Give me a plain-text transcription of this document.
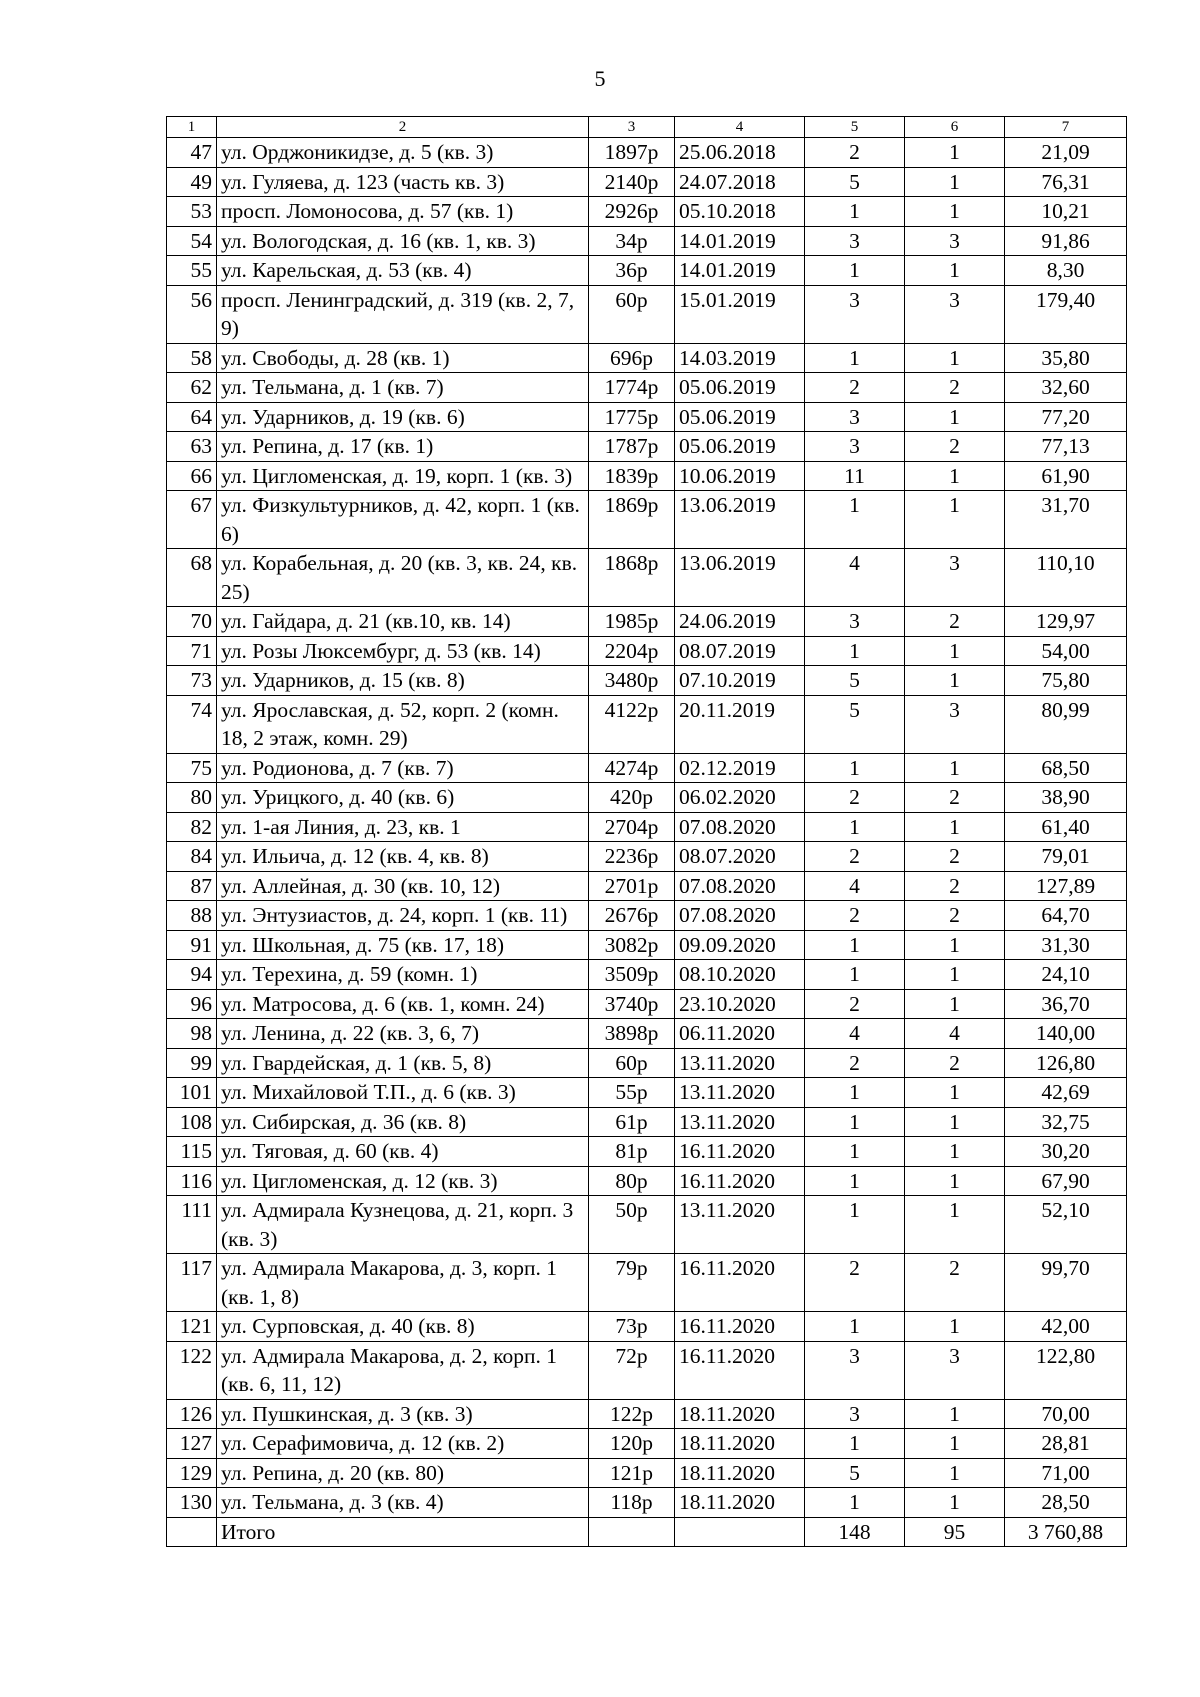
5
1	2	3	4	5	6	7
47	ул. Орджоникидзе, д. 5 (кв. 3)	1897р	25.06.2018	2	1	21,09
49	ул. Гуляева, д. 123 (часть кв. 3)	2140р	24.07.2018	5	1	76,31
53	просп. Ломоносова, д. 57 (кв. 1)	2926р	05.10.2018	1	1	10,21
54	ул. Вологодская, д. 16 (кв. 1, кв. 3)	34р	14.01.2019	3	3	91,86
55	ул. Карельская, д. 53 (кв. 4)	36р	14.01.2019	1	1	8,30
56	просп. Ленинградский, д. 319 (кв. 2, 7, 9)	60р	15.01.2019	3	3	179,40
58	ул. Свободы, д. 28 (кв. 1)	696р	14.03.2019	1	1	35,80
62	ул. Тельмана, д. 1 (кв. 7)	1774р	05.06.2019	2	2	32,60
64	ул. Ударников, д. 19 (кв. 6)	1775р	05.06.2019	3	1	77,20
63	ул. Репина, д. 17 (кв. 1)	1787р	05.06.2019	3	2	77,13
66	ул. Цигломенская, д. 19, корп. 1 (кв. 3)	1839р	10.06.2019	11	1	61,90
67	ул. Физкультурников, д. 42, корп. 1 (кв. 6)	1869р	13.06.2019	1	1	31,70
68	ул. Корабельная, д. 20 (кв. 3, кв. 24, кв. 25)	1868р	13.06.2019	4	3	110,10
70	ул. Гайдара, д. 21 (кв.10, кв. 14)	1985р	24.06.2019	3	2	129,97
71	ул. Розы Люксембург, д. 53 (кв. 14)	2204р	08.07.2019	1	1	54,00
73	ул. Ударников, д. 15 (кв. 8)	3480р	07.10.2019	5	1	75,80
74	ул. Ярославская, д. 52, корп. 2 (комн. 18, 2 этаж, комн. 29)	4122р	20.11.2019	5	3	80,99
75	ул. Родионова, д. 7 (кв. 7)	4274р	02.12.2019	1	1	68,50
80	ул. Урицкого, д. 40 (кв. 6)	420р	06.02.2020	2	2	38,90
82	ул. 1-ая Линия, д. 23, кв. 1	2704р	07.08.2020	1	1	61,40
84	ул. Ильича, д. 12 (кв. 4, кв. 8)	2236р	08.07.2020	2	2	79,01
87	ул. Аллейная, д. 30 (кв. 10, 12)	2701р	07.08.2020	4	2	127,89
88	ул. Энтузиастов, д. 24, корп. 1 (кв. 11)	2676р	07.08.2020	2	2	64,70
91	ул. Школьная, д. 75 (кв. 17, 18)	3082р	09.09.2020	1	1	31,30
94	ул. Терехина, д. 59 (комн. 1)	3509р	08.10.2020	1	1	24,10
96	ул. Матросова, д. 6 (кв. 1, комн. 24)	3740р	23.10.2020	2	1	36,70
98	ул. Ленина, д. 22 (кв. 3, 6, 7)	3898р	06.11.2020	4	4	140,00
99	ул. Гвардейская, д. 1 (кв. 5, 8)	60р	13.11.2020	2	2	126,80
101	ул. Михайловой Т.П., д. 6 (кв. 3)	55р	13.11.2020	1	1	42,69
108	ул. Сибирская, д. 36 (кв. 8)	61р	13.11.2020	1	1	32,75
115	ул. Тяговая, д. 60 (кв. 4)	81р	16.11.2020	1	1	30,20
116	ул. Цигломенская, д. 12 (кв. 3)	80р	16.11.2020	1	1	67,90
111	ул. Адмирала Кузнецова, д. 21, корп. 3 (кв. 3)	50р	13.11.2020	1	1	52,10
117	ул. Адмирала Макарова, д. 3, корп. 1 (кв. 1, 8)	79р	16.11.2020	2	2	99,70
121	ул. Сурповская, д. 40 (кв. 8)	73р	16.11.2020	1	1	42,00
122	ул. Адмирала Макарова, д. 2, корп. 1 (кв. 6, 11, 12)	72р	16.11.2020	3	3	122,80
126	ул. Пушкинская, д. 3 (кв. 3)	122р	18.11.2020	3	1	70,00
127	ул. Серафимовича, д. 12 (кв. 2)	120р	18.11.2020	1	1	28,81
129	ул. Репина, д. 20 (кв. 80)	121р	18.11.2020	5	1	71,00
130	ул. Тельмана, д. 3 (кв. 4)	118р	18.11.2020	1	1	28,50
	Итого			148	95	3 760,88
